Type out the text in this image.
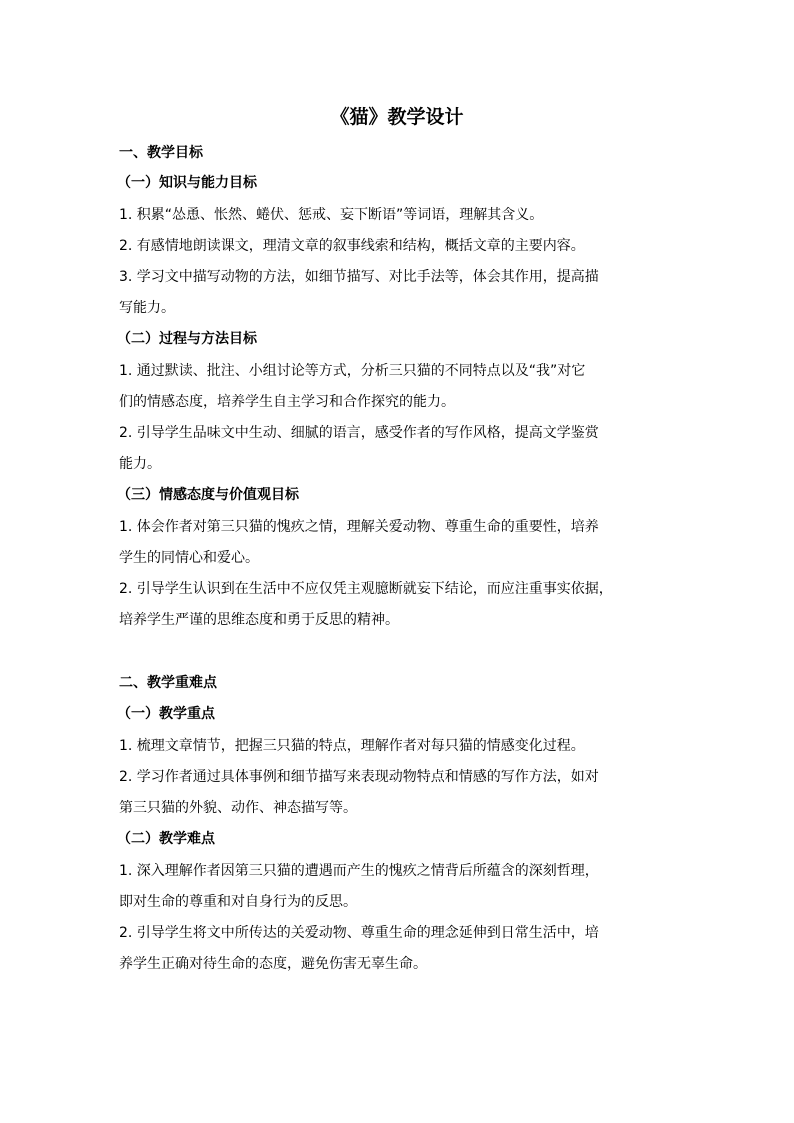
《猫》教学设计
一、教学目标
（一）知识与能力目标
1. 积累“怂恿、怅然、蜷伏、惩戒、妄下断语”等词语，理解其含义。
2. 有感情地朗读课文，理清文章的叙事线索和结构，概括文章的主要内容。
3. 学习文中描写动物的方法，如细节描写、对比手法等，体会其作用，提高描
写能力。
（二）过程与方法目标
1. 通过默读、批注、小组讨论等方式，分析三只猫的不同特点以及“我”对它
们的情感态度，培养学生自主学习和合作探究的能力。
2. 引导学生品味文中生动、细腻的语言，感受作者的写作风格，提高文学鉴赏
能力。
（三）情感态度与价值观目标
1. 体会作者对第三只猫的愧疚之情，理解关爱动物、尊重生命的重要性，培养
学生的同情心和爱心。
2. 引导学生认识到在生活中不应仅凭主观臆断就妄下结论，而应注重事实依据，
培养学生严谨的思维态度和勇于反思的精神。
二、教学重难点
（一）教学重点
1. 梳理文章情节，把握三只猫的特点，理解作者对每只猫的情感变化过程。
2. 学习作者通过具体事例和细节描写来表现动物特点和情感的写作方法，如对
第三只猫的外貌、动作、神态描写等。
（二）教学难点
1. 深入理解作者因第三只猫的遭遇而产生的愧疚之情背后所蕴含的深刻哲理，
即对生命的尊重和对自身行为的反思。
2. 引导学生将文中所传达的关爱动物、尊重生命的理念延伸到日常生活中，培
养学生正确对待生命的态度，避免伤害无辜生命。
